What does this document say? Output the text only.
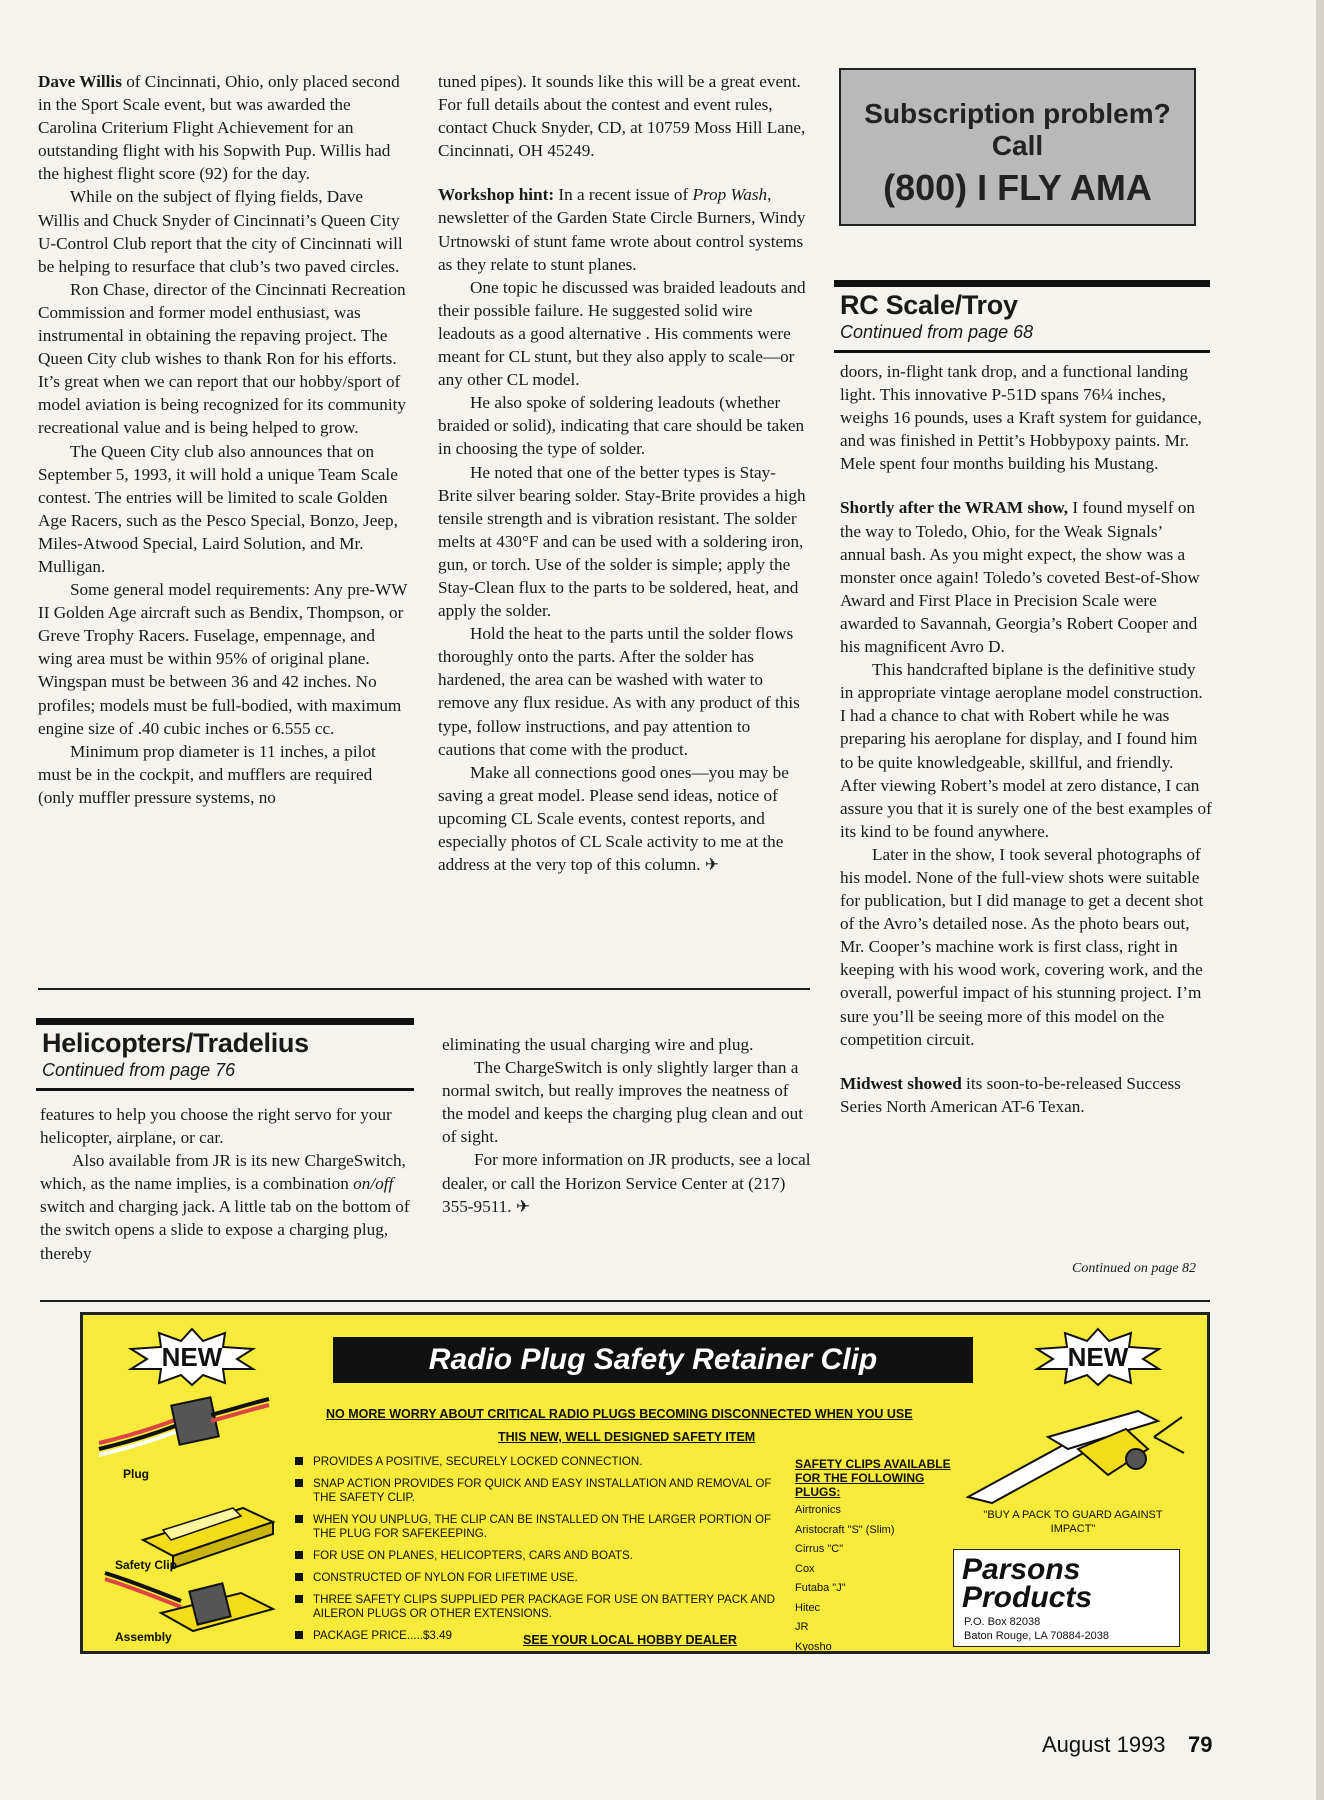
Dave Willis of Cincinnati, Ohio, only placed second in the Sport Scale event, but was awarded the Carolina Criterium Flight Achievement for an outstanding flight with his Sopwith Pup. Willis had the highest flight score (92) for the day.

While on the subject of flying fields, Dave Willis and Chuck Snyder of Cincinnati’s Queen City U-Control Club report that the city of Cincinnati will be helping to resurface that club’s two paved circles.

Ron Chase, director of the Cincinnati Recreation Commission and former model enthusiast, was instrumental in obtaining the repaving project. The Queen City club wishes to thank Ron for his efforts. It’s great when we can report that our hobby/sport of model aviation is being recognized for its community recreational value and is being helped to grow.

The Queen City club also announces that on September 5, 1993, it will hold a unique Team Scale contest. The entries will be limited to scale Golden Age Racers, such as the Pesco Special, Bonzo, Jeep, Miles-Atwood Special, Laird Solution, and Mr. Mulligan.

Some general model requirements: Any pre-WW II Golden Age aircraft such as Bendix, Thompson, or Greve Trophy Racers. Fuselage, empennage, and wing area must be within 95% of original plane. Wingspan must be between 36 and 42 inches. No profiles; models must be full-bodied, with maximum engine size of .40 cubic inches or 6.555 cc.

Minimum prop diameter is 11 inches, a pilot must be in the cockpit, and mufflers are required (only muffler pressure systems, no

tuned pipes). It sounds like this will be a great event. For full details about the contest and event rules, contact Chuck Snyder, CD, at 10759 Moss Hill Lane, Cincinnati, OH 45249.

Workshop hint: In a recent issue of Prop Wash, newsletter of the Garden State Circle Burners, Windy Urtnowski of stunt fame wrote about control systems as they relate to stunt planes.

One topic he discussed was braided leadouts and their possible failure. He suggested solid wire leadouts as a good alternative . His comments were meant for CL stunt, but they also apply to scale—or any other CL model.

He also spoke of soldering leadouts (whether braided or solid), indicating that care should be taken in choosing the type of solder.

He noted that one of the better types is Stay-Brite silver bearing solder. Stay-Brite provides a high tensile strength and is vibration resistant. The solder melts at 430°F and can be used with a soldering iron, gun, or torch. Use of the solder is simple; apply the Stay-Clean flux to the parts to be soldered, heat, and apply the solder.

Hold the heat to the parts until the solder flows thoroughly onto the parts. After the solder has hardened, the area can be washed with water to remove any flux residue. As with any product of this type, follow instructions, and pay attention to cautions that come with the product.

Make all connections good ones—you may be saving a great model. Please send ideas, notice of upcoming CL Scale events, contest reports, and especially photos of CL Scale activity to me at the address at the very top of this column. ✈

Subscription problem?
Call
(800) I FLY AMA
RC Scale/Troy
Continued from page 68

doors, in-flight tank drop, and a functional landing light. This innovative P-51D spans 76¼ inches, weighs 16 pounds, uses a Kraft system for guidance, and was finished in Pettit’s Hobbypoxy paints. Mr. Mele spent four months building his Mustang.

Shortly after the WRAM show, I found myself on the way to Toledo, Ohio, for the Weak Signals’ annual bash. As you might expect, the show was a monster once again! Toledo’s coveted Best-of-Show Award and First Place in Precision Scale were awarded to Savannah, Georgia’s Robert Cooper and his magnificent Avro D.

This handcrafted biplane is the definitive study in appropriate vintage aeroplane model construction. I had a chance to chat with Robert while he was preparing his aeroplane for display, and I found him to be quite knowledgeable, skillful, and friendly. After viewing Robert’s model at zero distance, I can assure you that it is surely one of the best examples of its kind to be found anywhere.

Later in the show, I took several photographs of his model. None of the full-view shots were suitable for publication, but I did manage to get a decent shot of the Avro’s detailed nose. As the photo bears out, Mr. Cooper’s machine work is first class, right in keeping with his wood work, covering work, and the overall, powerful impact of his stunning project. I’m sure you’ll be seeing more of this model on the competition circuit.

Midwest showed its soon-to-be-released Success Series North American AT-6 Texan.

Continued on page 82
Helicopters/Tradelius
Continued from page 76

features to help you choose the right servo for your helicopter, airplane, or car.

Also available from JR is its new ChargeSwitch, which, as the name implies, is a combination on/off switch and charging jack. A little tab on the bottom of the switch opens a slide to expose a charging plug, thereby

eliminating the usual charging wire and plug.

The ChargeSwitch is only slightly larger than a normal switch, but really improves the neatness of the model and keeps the charging plug clean and out of sight.

For more information on JR products, see a local dealer, or call the Horizon Service Center at (217) 355-9511. ✈

NEW	NEW
Radio Plug Safety Retainer Clip
NO MORE WORRY ABOUT CRITICAL RADIO PLUGS BECOMING DISCONNECTED WHEN YOU USE
THIS NEW, WELL DESIGNED SAFETY ITEM
Plug
Safety Clip
Assembly
PROVIDES A POSITIVE, SECURELY LOCKED CONNECTION.
SNAP ACTION PROVIDES FOR QUICK AND EASY INSTALLATION AND REMOVAL OF THE SAFETY CLIP.
WHEN YOU UNPLUG, THE CLIP CAN BE INSTALLED ON THE LARGER PORTION OF THE PLUG FOR SAFEKEEPING.
FOR USE ON PLANES, HELICOPTERS, CARS AND BOATS.
CONSTRUCTED OF NYLON FOR LIFETIME USE.
THREE SAFETY CLIPS SUPPLIED PER PACKAGE FOR USE ON BATTERY PACK AND AILERON PLUGS OR OTHER EXTENSIONS.
PACKAGE PRICE.....$3.49	SEE YOUR LOCAL HOBBY DEALER
SAFETY CLIPS AVAILABLE FOR THE FOLLOWING PLUGS:
Airtronics
Aristocraft "S" (Slim)
Cirrus "C"
Cox
Futaba "J"
Hitec
JR
Kyosho
"BUY A PACK TO GUARD AGAINST IMPACT"
Parsons
Products
P.O. Box 82038
Baton Rouge, LA 70884-2038
August 1993 79
